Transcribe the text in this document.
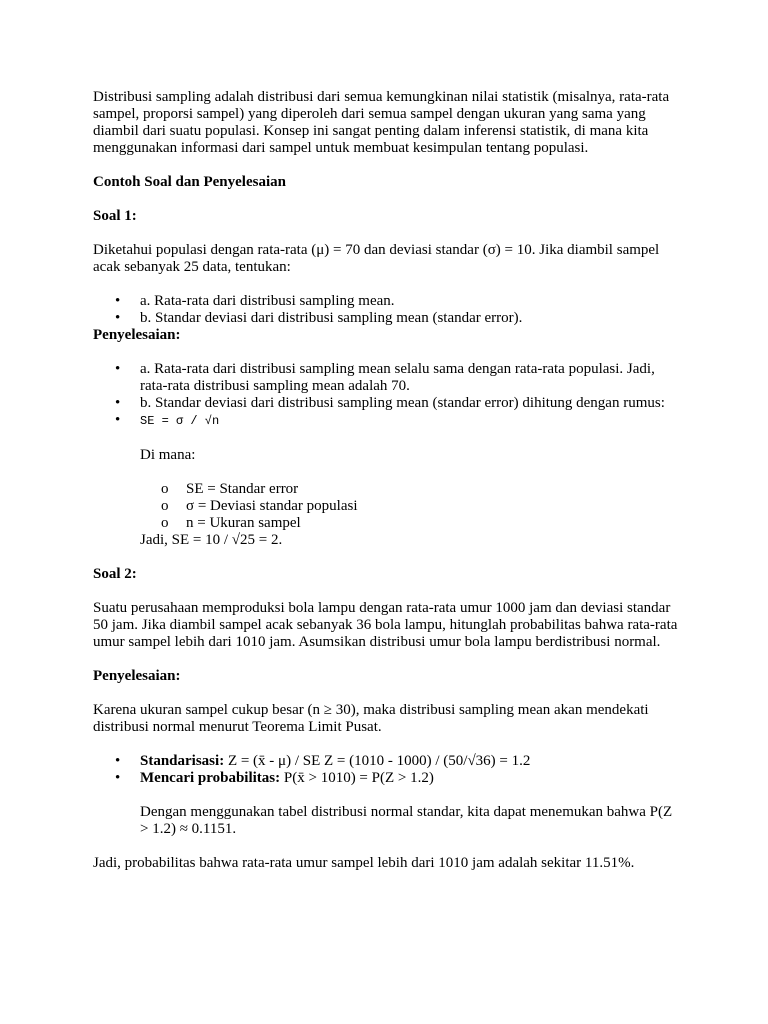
Distribusi sampling adalah distribusi dari semua kemungkinan nilai statistik (misalnya, rata-rata sampel, proporsi sampel) yang diperoleh dari semua sampel dengan ukuran yang sama yang diambil dari suatu populasi. Konsep ini sangat penting dalam inferensi statistik, di mana kita menggunakan informasi dari sampel untuk membuat kesimpulan tentang populasi.

Contoh Soal dan Penyelesaian

Soal 1:

Diketahui populasi dengan rata-rata (μ) = 70 dan deviasi standar (σ) = 10. Jika diambil sampel acak sebanyak 25 data, tentukan:

• a. Rata-rata dari distribusi sampling mean.
• b. Standar deviasi dari distribusi sampling mean (standar error).

Penyelesaian:

• a. Rata-rata dari distribusi sampling mean selalu sama dengan rata-rata populasi. Jadi, rata-rata distribusi sampling mean adalah 70.
• b. Standar deviasi dari distribusi sampling mean (standar error) dihitung dengan rumus:
• SE = σ / √n

Di mana:

o SE = Standar error
o σ = Deviasi standar populasi
o n = Ukuran sampel

Jadi, SE = 10 / √25 = 2.

Soal 2:

Suatu perusahaan memproduksi bola lampu dengan rata-rata umur 1000 jam dan deviasi standar 50 jam. Jika diambil sampel acak sebanyak 36 bola lampu, hitunglah probabilitas bahwa rata-rata umur sampel lebih dari 1010 jam. Asumsikan distribusi umur bola lampu berdistribusi normal.

Penyelesaian:

Karena ukuran sampel cukup besar (n ≥ 30), maka distribusi sampling mean akan mendekati distribusi normal menurut Teorema Limit Pusat.

• Standarisasi: Z = (x̄ - μ) / SE Z = (1010 - 1000) / (50/√36) = 1.2
• Mencari probabilitas: P(x̄ > 1010) = P(Z > 1.2)

Dengan menggunakan tabel distribusi normal standar, kita dapat menemukan bahwa P(Z > 1.2) ≈ 0.1151.

Jadi, probabilitas bahwa rata-rata umur sampel lebih dari 1010 jam adalah sekitar 11.51%.
